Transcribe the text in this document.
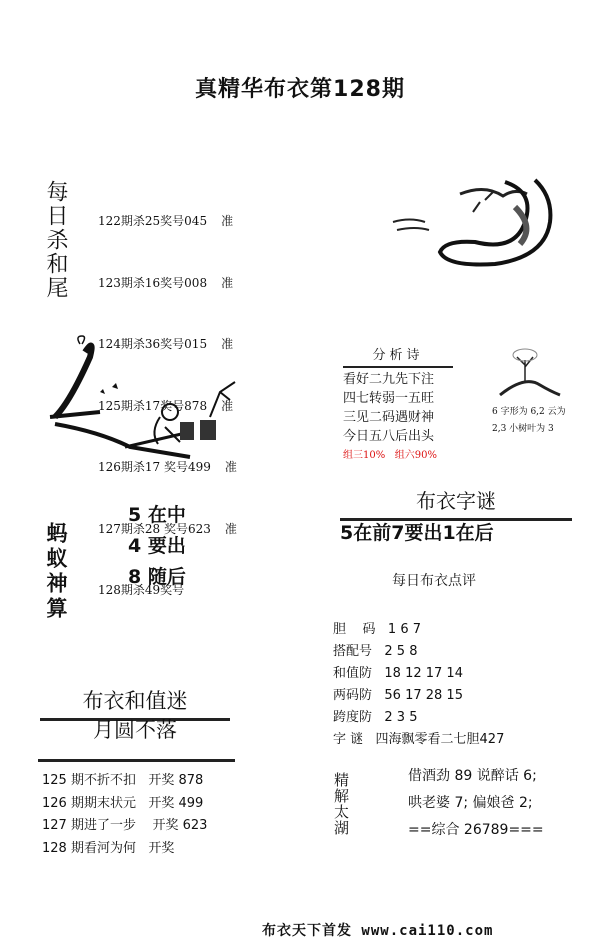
真精华布衣第128期
每日杀和尾

	122期杀25奖号045 准

123期杀16奖号008 准

124期杀36奖号015 准

125期杀17奖号878 准

126期杀17 奖号499 准

127期杀28 奖号623 准

128期杀49奖号

分析诗
看好二九先下注
四七转弱一五旺
三见二码遇财神
今日五八后出头
组三10%   组六90%
6 字形为 6,2 云为 2,3 小树叶为 3
蚂蚁神算
5 在中
4 要出
8 随后
布衣字谜
5在前7要出1在后
每日布衣点评
胆    码   1 6 7
搭配号   2 5 8
和值防   18 12 17 14
两码防   56 17 28 15
跨度防   2 3 5
字 谜   四海飘零看二七胆427
布衣和值迷
月圆不落
125 期不折不扣   开奖 878
126 期期末状元   开奖 499
127 期进了一步    开奖 623
128 期看河为何   开奖
精解太湖	借酒劲 89 说醉话 6;
哄老婆 7; 偏娘爸 2;
==综合 26789===
布衣天下首发 www.cai110.com
